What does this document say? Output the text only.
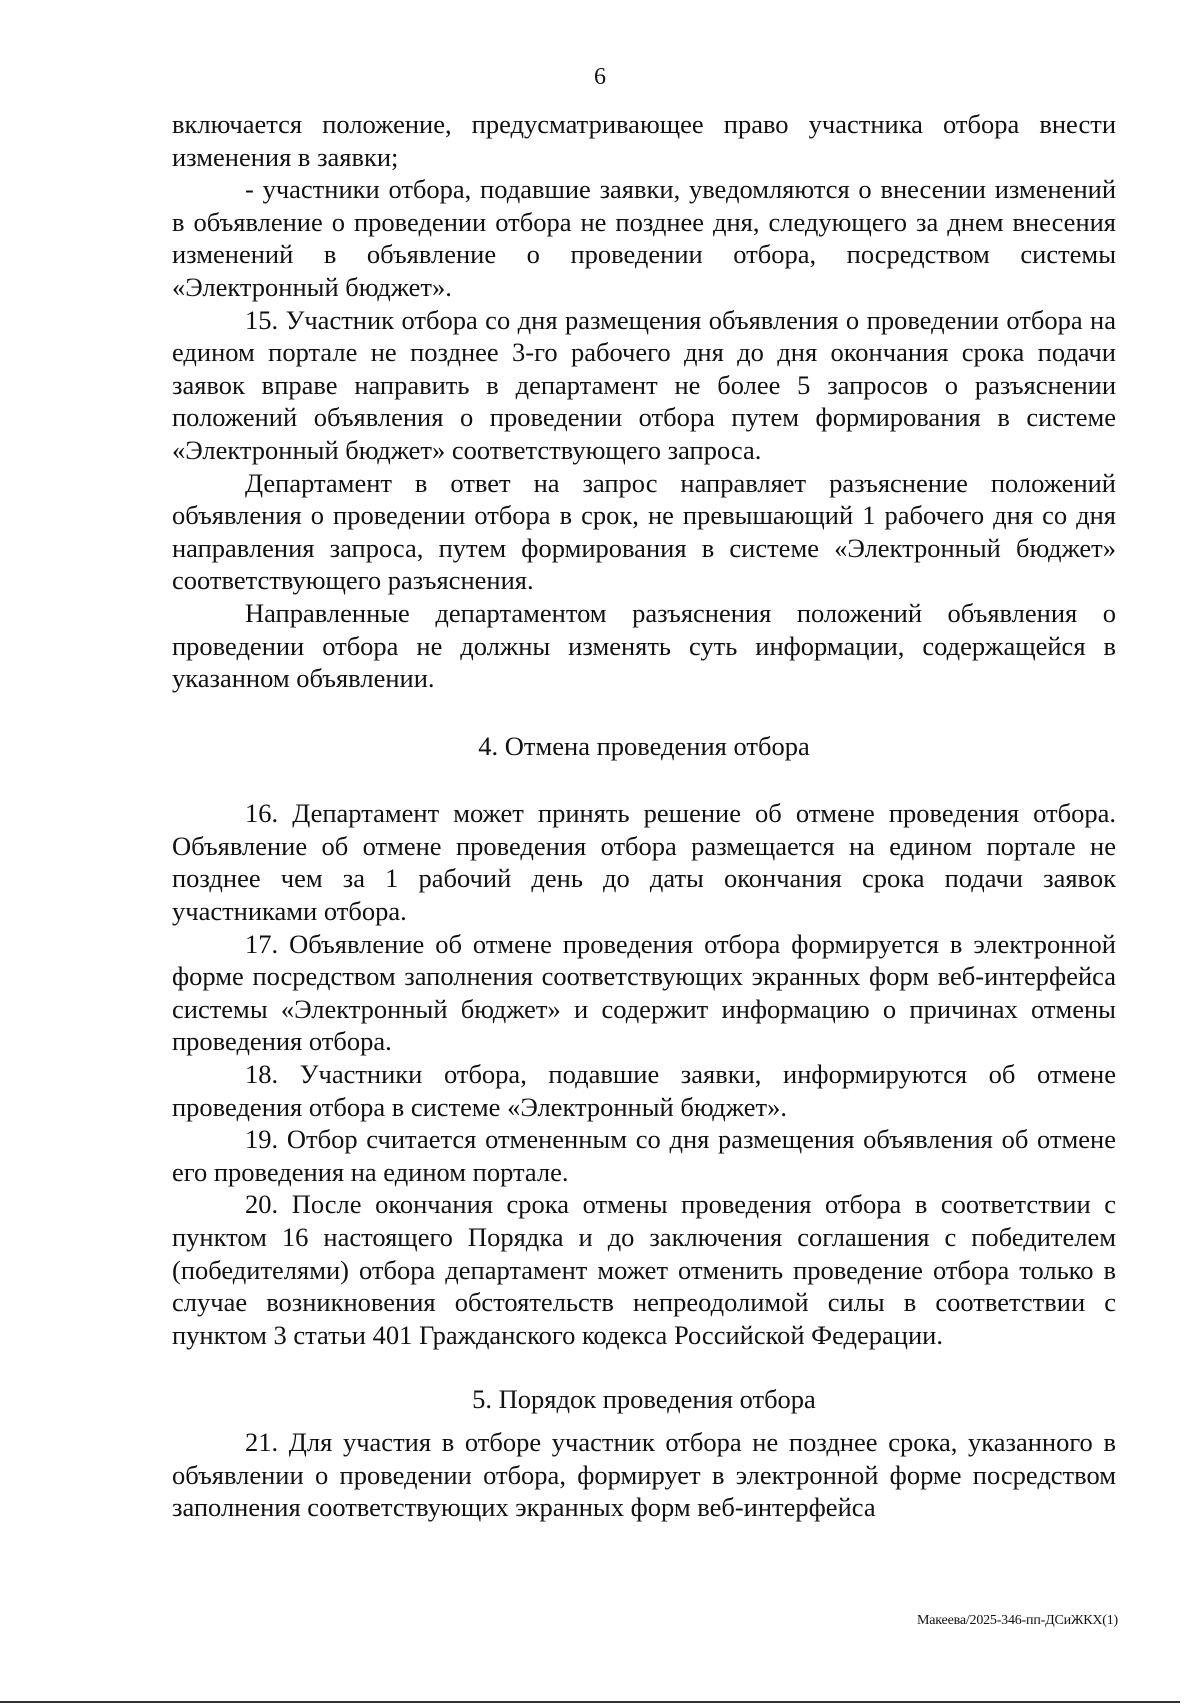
6

включается положение, предусматривающее право участника отбора внести изменения в заявки;

- участники отбора, подавшие заявки, уведомляются о внесении изменений в объявление о проведении отбора не позднее дня, следующего за днем внесения изменений в объявление о проведении отбора, посредством системы «Электронный бюджет».

15. Участник отбора со дня размещения объявления о проведении отбора на едином портале не позднее 3-го рабочего дня до дня окончания срока подачи заявок вправе направить в департамент не более 5 запросов о разъяснении положений объявления о проведении отбора путем формирования в системе «Электронный бюджет» соответствующего запроса.

Департамент в ответ на запрос направляет разъяснение положений объявления о проведении отбора в срок, не превышающий 1 рабочего дня со дня направления запроса, путем формирования в системе «Электронный бюджет» соответствующего разъяснения.

Направленные департаментом разъяснения положений объявления о проведении отбора не должны изменять суть информации, содержащейся в указанном объявлении.

4. Отмена проведения отбора

16. Департамент может принять решение об отмене проведения отбора. Объявление об отмене проведения отбора размещается на едином портале не позднее чем за 1 рабочий день до даты окончания срока подачи заявок участниками отбора.

17. Объявление об отмене проведения отбора формируется в электронной форме посредством заполнения соответствующих экранных форм веб-интерфейса системы «Электронный бюджет» и содержит информацию о причинах отмены проведения отбора.

18. Участники отбора, подавшие заявки, информируются об отмене проведения отбора в системе «Электронный бюджет».

19. Отбор считается отмененным со дня размещения объявления об отмене его проведения на едином портале.

20. После окончания срока отмены проведения отбора в соответствии с пунктом 16 настоящего Порядка и до заключения соглашения с победителем (победителями) отбора департамент может отменить проведение отбора только в случае возникновения обстоятельств непреодолимой силы в соответствии с пунктом 3 статьи 401 Гражданского кодекса Российской Федерации.

5. Порядок проведения отбора

21. Для участия в отборе участник отбора не позднее срока, указанного в объявлении о проведении отбора, формирует в электронной форме посредством заполнения соответствующих экранных форм веб-интерфейса

Макеева/2025-346-пп-ДСиЖКХ(1)
